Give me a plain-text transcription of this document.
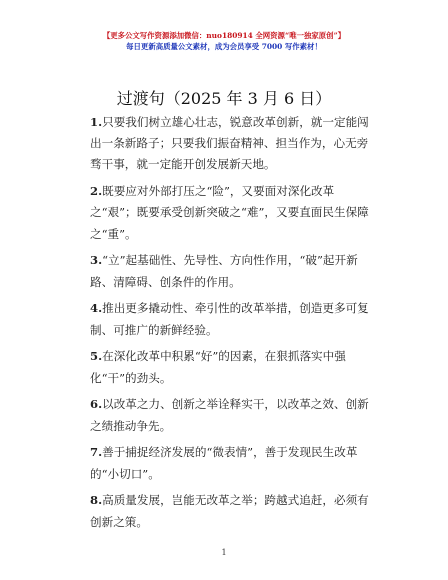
【更多公文写作资源添加微信：nuo180914 全网资源“唯一独家原创”】
每日更新高质量公文素材，成为会员享受 7000 写作素材！
过渡句（2025 年 3 月 6 日）

1.只要我们树立雄心壮志，锐意改革创新，就一定能闯出一条新路子；只要我们振奋精神、担当作为，心无旁骛干事，就一定能开创发展新天地。

2.既要应对外部打压之“险”，又要面对深化改革之“艰”；既要承受创新突破之“难”，又要直面民生保障之“重”。

3.“立”起基础性、先导性、方向性作用，“破”起开新路、清障碍、创条件的作用。

4.推出更多撬动性、牵引性的改革举措，创造更多可复制、可推广的新鲜经验。

5.在深化改革中积累“好”的因素，在狠抓落实中强化“干”的劲头。

6.以改革之力、创新之举诠释实干，以改革之效、创新之绩推动争先。

7.善于捕捉经济发展的“微表情”，善于发现民生改革的“小切口”。

8.高质量发展，岂能无改革之举；跨越式追赶，必须有创新之策。

1
